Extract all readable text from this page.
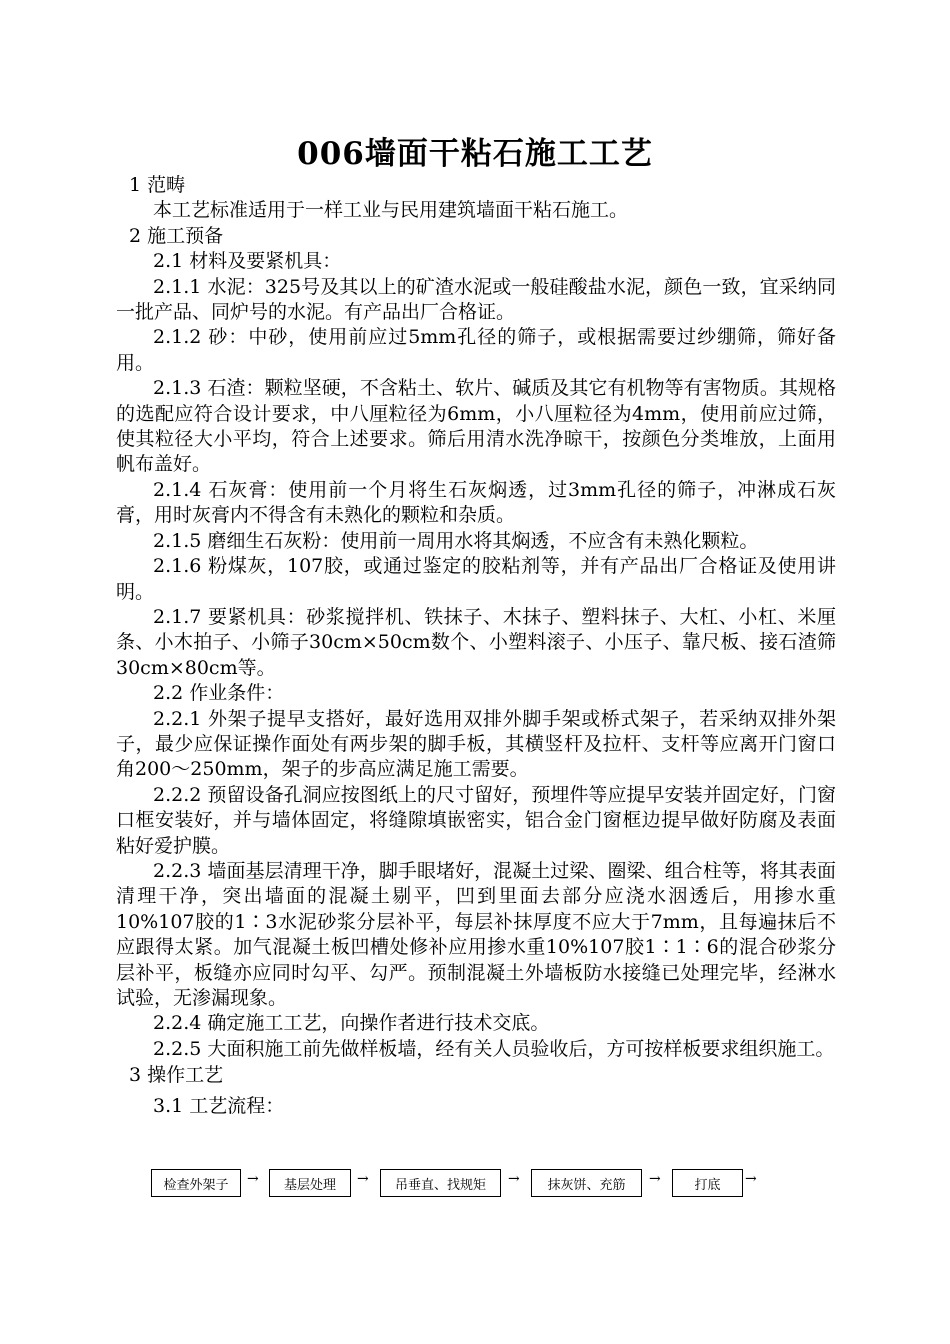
006墙面干粘石施工工艺

1 范畴

本工艺标准适用于一样工业与民用建筑墙面干粘石施工。

2 施工预备

2.1 材料及要紧机具：

2.1.1 水泥：325号及其以上的矿渣水泥或一般硅酸盐水泥，颜色一致，宜采纳同一批产品、同炉号的水泥。有产品出厂合格证。

2.1.2 砂：中砂，使用前应过5mm孔径的筛子，或根据需要过纱绷筛，筛好备用。

2.1.3 石渣：颗粒坚硬，不含粘土、软片、碱质及其它有机物等有害物质。其规格的选配应符合设计要求，中八厘粒径为6mm，小八厘粒径为4mm，使用前应过筛，使其粒径大小平均，符合上述要求。筛后用清水洗净晾干，按颜色分类堆放，上面用帆布盖好。

2.1.4 石灰膏：使用前一个月将生石灰焖透，过3mm孔径的筛子，冲淋成石灰膏，用时灰膏内不得含有未熟化的颗粒和杂质。

2.1.5 磨细生石灰粉：使用前一周用水将其焖透，不应含有未熟化颗粒。

2.1.6 粉煤灰，107胶，或通过鉴定的胶粘剂等，并有产品出厂合格证及使用讲明。

2.1.7 要紧机具：砂浆搅拌机、铁抹子、木抹子、塑料抹子、大杠、小杠、米厘条、小木拍子、小筛子30cm×50cm数个、小塑料滚子、小压子、靠尺板、接石渣筛30cm×80cm等。

2.2 作业条件：

2.2.1 外架子提早支搭好，最好选用双排外脚手架或桥式架子，若采纳双排外架子，最少应保证操作面处有两步架的脚手板，其横竖杆及拉杆、支杆等应离开门窗口角200～250mm，架子的步高应满足施工需要。

2.2.2 预留设备孔洞应按图纸上的尺寸留好，预埋件等应提早安装并固定好，门窗口框安装好，并与墙体固定，将缝隙填嵌密实，铝合金门窗框边提早做好防腐及表面粘好爱护膜。

2.2.3 墙面基层清理干净，脚手眼堵好，混凝土过梁、圈梁、组合柱等，将其表面清理干净，突出墙面的混凝土剔平，凹到里面去部分应浇水洇透后，用掺水重10%107胶的1∶3水泥砂浆分层补平，每层补抹厚度不应大于7mm，且每遍抹后不应跟得太紧。加气混凝土板凹槽处修补应用掺水重10%107胶1∶1∶6的混合砂浆分层补平，板缝亦应同时勾平、勾严。预制混凝土外墙板防水接缝已处理完毕，经淋水试验，无渗漏现象。

2.2.4 确定施工工艺，向操作者进行技术交底。

2.2.5 大面积施工前先做样板墙，经有关人员验收后，方可按样板要求组织施工。

3 操作工艺

3.1 工艺流程：

检查外架子	→	基层处理	→	吊垂直、找规矩	→	抹灰饼、充筋	→	打底	→
